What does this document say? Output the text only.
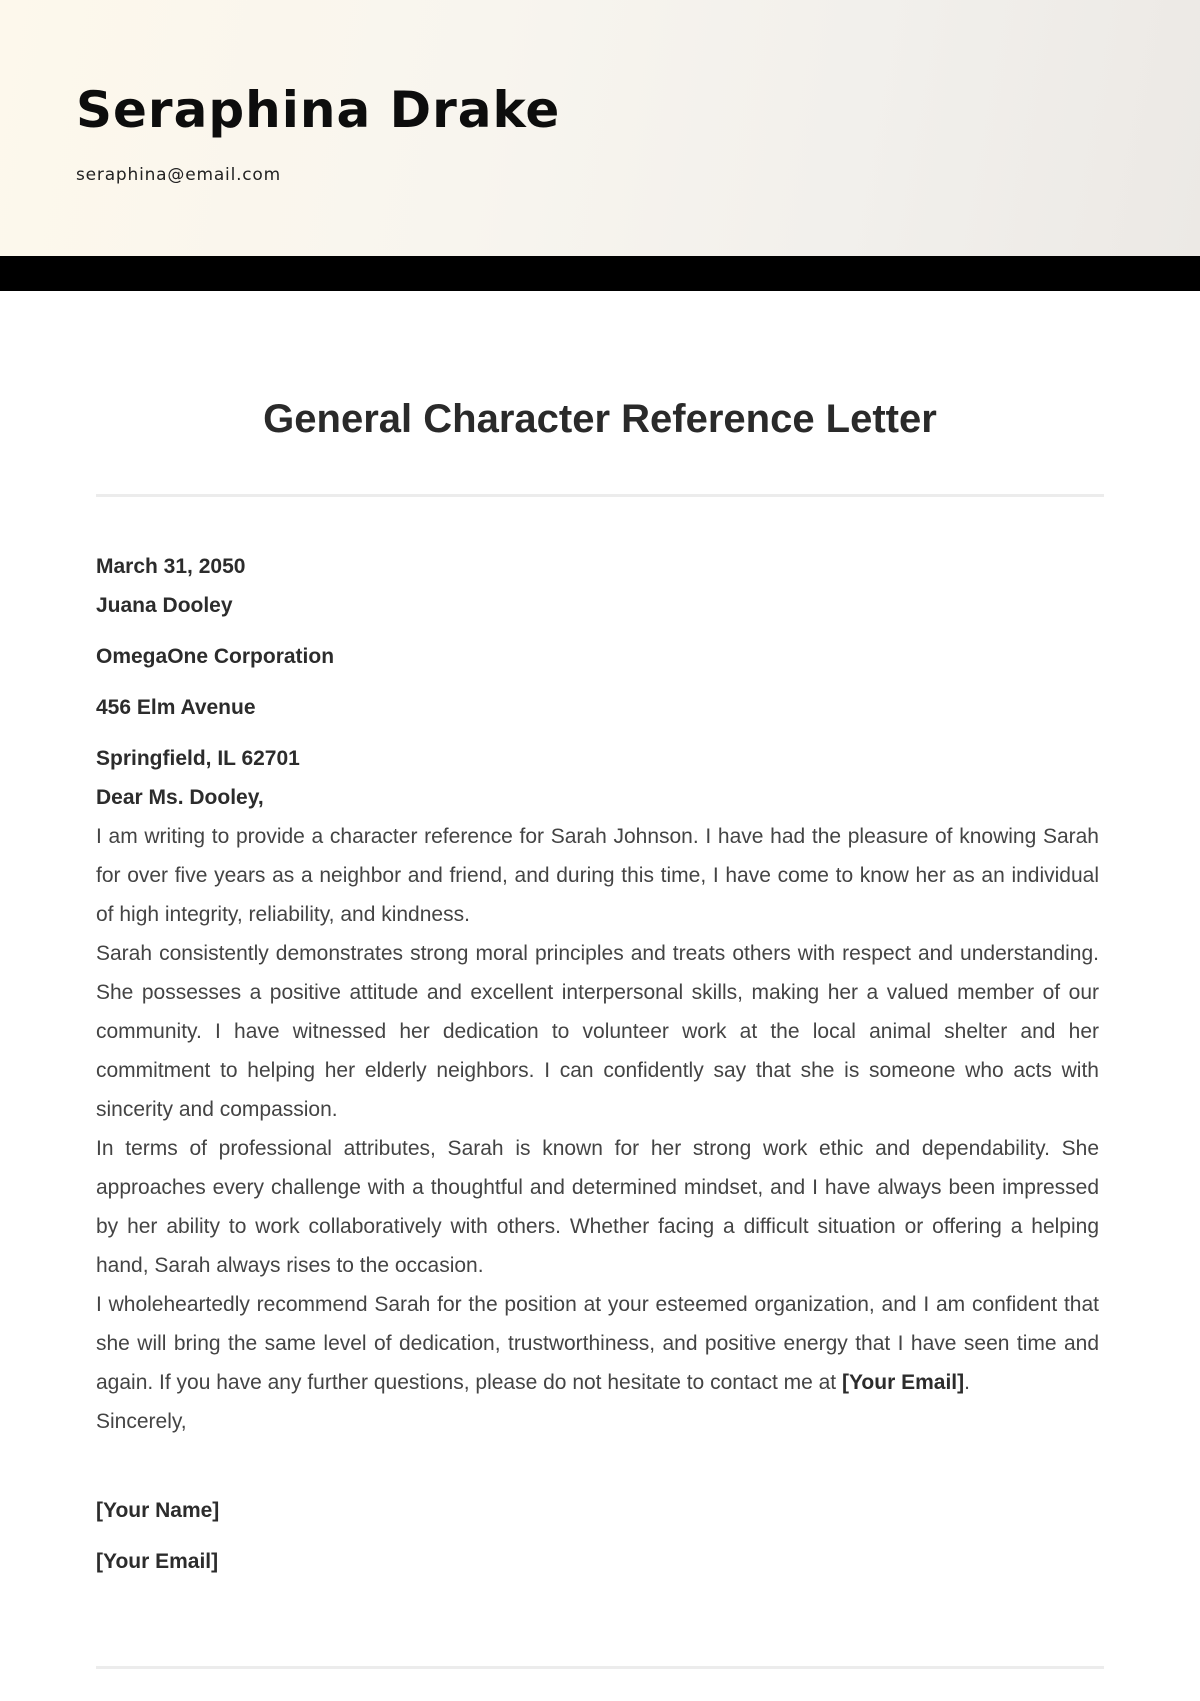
Seraphina Drake
seraphina@email.com
General Character Reference Letter

March 31, 2050

Juana Dooley

OmegaOne Corporation

456 Elm Avenue

Springfield, IL 62701

Dear Ms. Dooley,

I am writing to provide a character reference for Sarah Johnson. I have had the pleasure of knowing Sarah for over five years as a neighbor and friend, and during this time, I have come to know her as an individual of high integrity, reliability, and kindness.

Sarah consistently demonstrates strong moral principles and treats others with respect and understanding. She possesses a positive attitude and excellent interpersonal skills, making her a valued member of our community. I have witnessed her dedication to volunteer work at the local animal shelter and her commitment to helping her elderly neighbors. I can confidently say that she is someone who acts with sincerity and compassion.

In terms of professional attributes, Sarah is known for her strong work ethic and dependability. She approaches every challenge with a thoughtful and determined mindset, and I have always been impressed by her ability to work collaboratively with others. Whether facing a difficult situation or offering a helping hand, Sarah always rises to the occasion.

I wholeheartedly recommend Sarah for the position at your esteemed organization, and I am confident that she will bring the same level of dedication, trustworthiness, and positive energy that I have seen time and again. If you have any further questions, please do not hesitate to contact me at [Your Email].

Sincerely,

[Your Name]

[Your Email]
